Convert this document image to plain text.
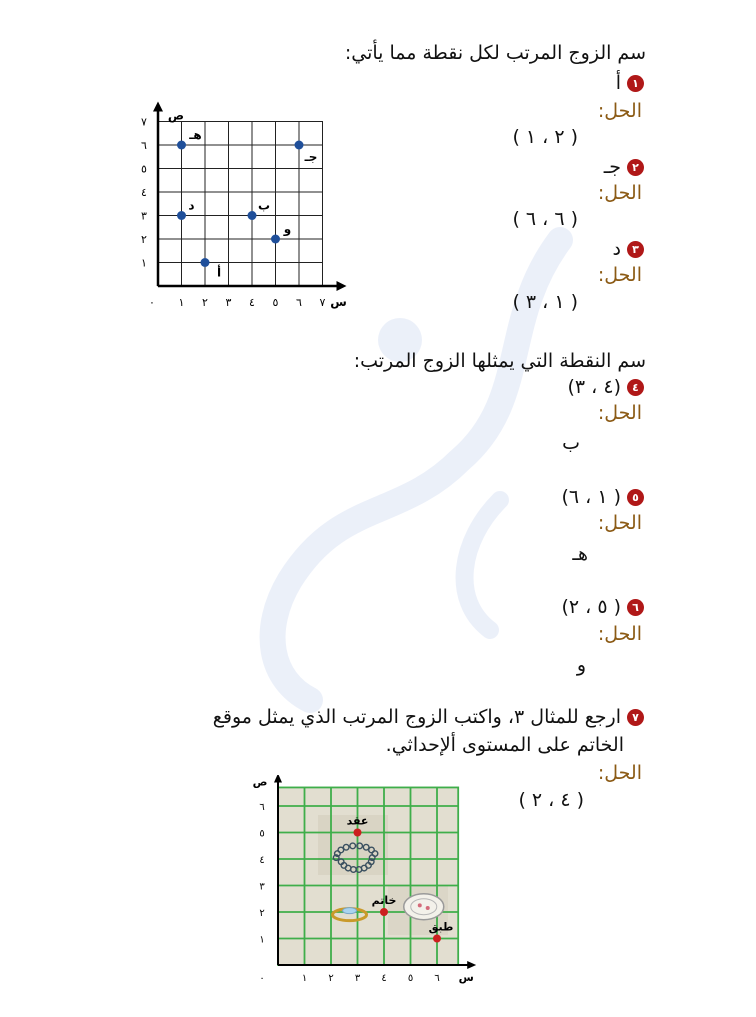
سم الزوج المرتب لكل نقطة مما يأتي:
١
أ
الحل:
( ٢ ، ١ )
٢
جـ
الحل:
( ٦ ، ٦ )
٣
د
الحل:
( ١ ، ٣ )
١ ٢ ٣ ٤ ٥ ٦ ٧
١
٢
٣
٤
٥
٦
٧
٠	س
ص
أ
د
هـ
ب
و
جـ
سم النقطة التي يمثلها الزوج المرتب:
٤
(٤ ، ٣)
الحل:
ب
٥
( ١ ، ٦)
الحل:
هـ
٦
( ٥ ، ٢)
الحل:
و
٧
ارجع للمثال ٣، واكتب الزوج المرتب الذي يمثل موقع
الخاتم على المستوى ألإحداثي.
الحل:
( ٤ ، ٢ )
١ ٢ ٣ ٤ ٥ ٦
١
٢
٣
٤
٥
٦
٠	س
ص
عقد
خاتم
طبق
